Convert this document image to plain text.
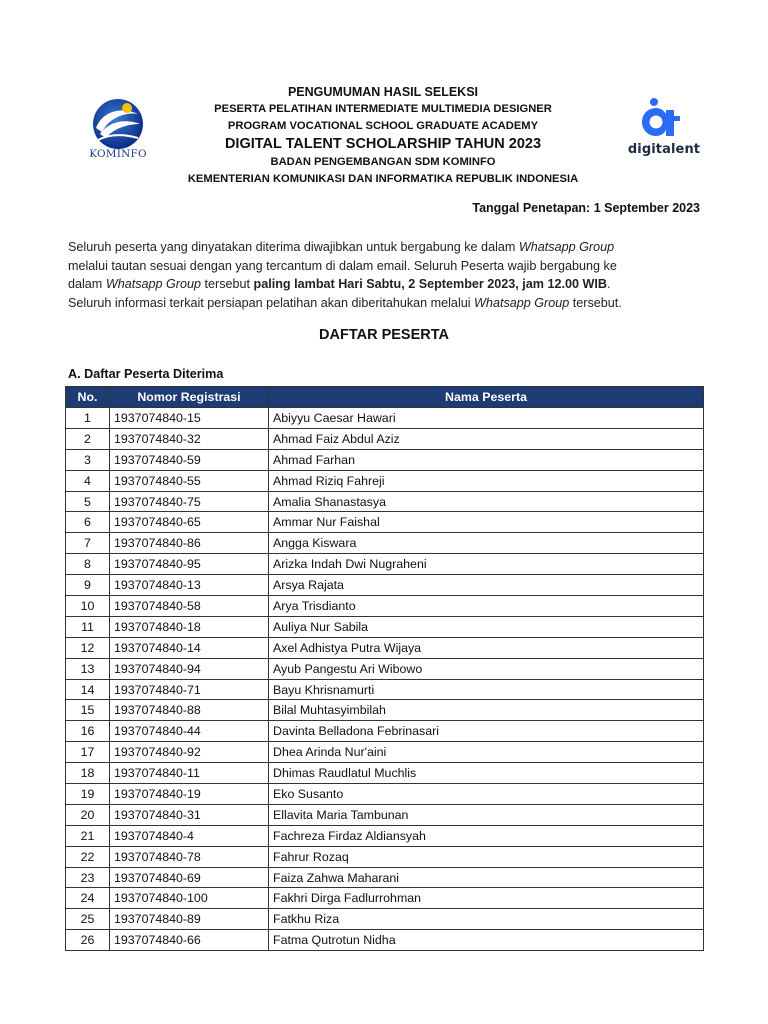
KOMINFO	digitalent
PENGUMUMAN HASIL SELEKSI
PESERTA PELATIHAN INTERMEDIATE MULTIMEDIA DESIGNER
PROGRAM VOCATIONAL SCHOOL GRADUATE ACADEMY
DIGITAL TALENT SCHOLARSHIP TAHUN 2023
BADAN PENGEMBANGAN SDM KOMINFO
KEMENTERIAN KOMUNIKASI DAN INFORMATIKA REPUBLIK INDONESIA
Tanggal Penetapan: 1 September 2023
Seluruh peserta yang dinyatakan diterima diwajibkan untuk bergabung ke dalam Whatsapp Group
melalui tautan sesuai dengan yang tercantum di dalam email. Seluruh Peserta wajib bergabung ke
dalam Whatsapp Group tersebut paling lambat Hari Sabtu, 2 September 2023, jam 12.00 WIB.
Seluruh informasi terkait persiapan pelatihan akan diberitahukan melalui Whatsapp Group tersebut.
DAFTAR PESERTA
A. Daftar Peserta Diterima
No.	Nomor Registrasi	Nama Peserta
1	1937074840-15	Abiyyu Caesar Hawari
2	1937074840-32	Ahmad Faiz Abdul Aziz
3	1937074840-59	Ahmad Farhan
4	1937074840-55	Ahmad Riziq Fahreji
5	1937074840-75	Amalia Shanastasya
6	1937074840-65	Ammar Nur Faishal
7	1937074840-86	Angga Kiswara
8	1937074840-95	Arizka Indah Dwi Nugraheni
9	1937074840-13	Arsya Rajata
10	1937074840-58	Arya Trisdianto
11	1937074840-18	Auliya Nur Sabila
12	1937074840-14	Axel Adhistya Putra Wijaya
13	1937074840-94	Ayub Pangestu Ari Wibowo
14	1937074840-71	Bayu Khrisnamurti
15	1937074840-88	Bilal Muhtasyimbilah
16	1937074840-44	Davinta Belladona Febrinasari
17	1937074840-92	Dhea Arinda Nur'aini
18	1937074840-11	Dhimas Raudlatul Muchlis
19	1937074840-19	Eko Susanto
20	1937074840-31	Ellavita Maria Tambunan
21	1937074840-4	Fachreza Firdaz Aldiansyah
22	1937074840-78	Fahrur Rozaq
23	1937074840-69	Faiza Zahwa Maharani
24	1937074840-100	Fakhri Dirga Fadlurrohman
25	1937074840-89	Fatkhu Riza
26	1937074840-66	Fatma Qutrotun Nidha
